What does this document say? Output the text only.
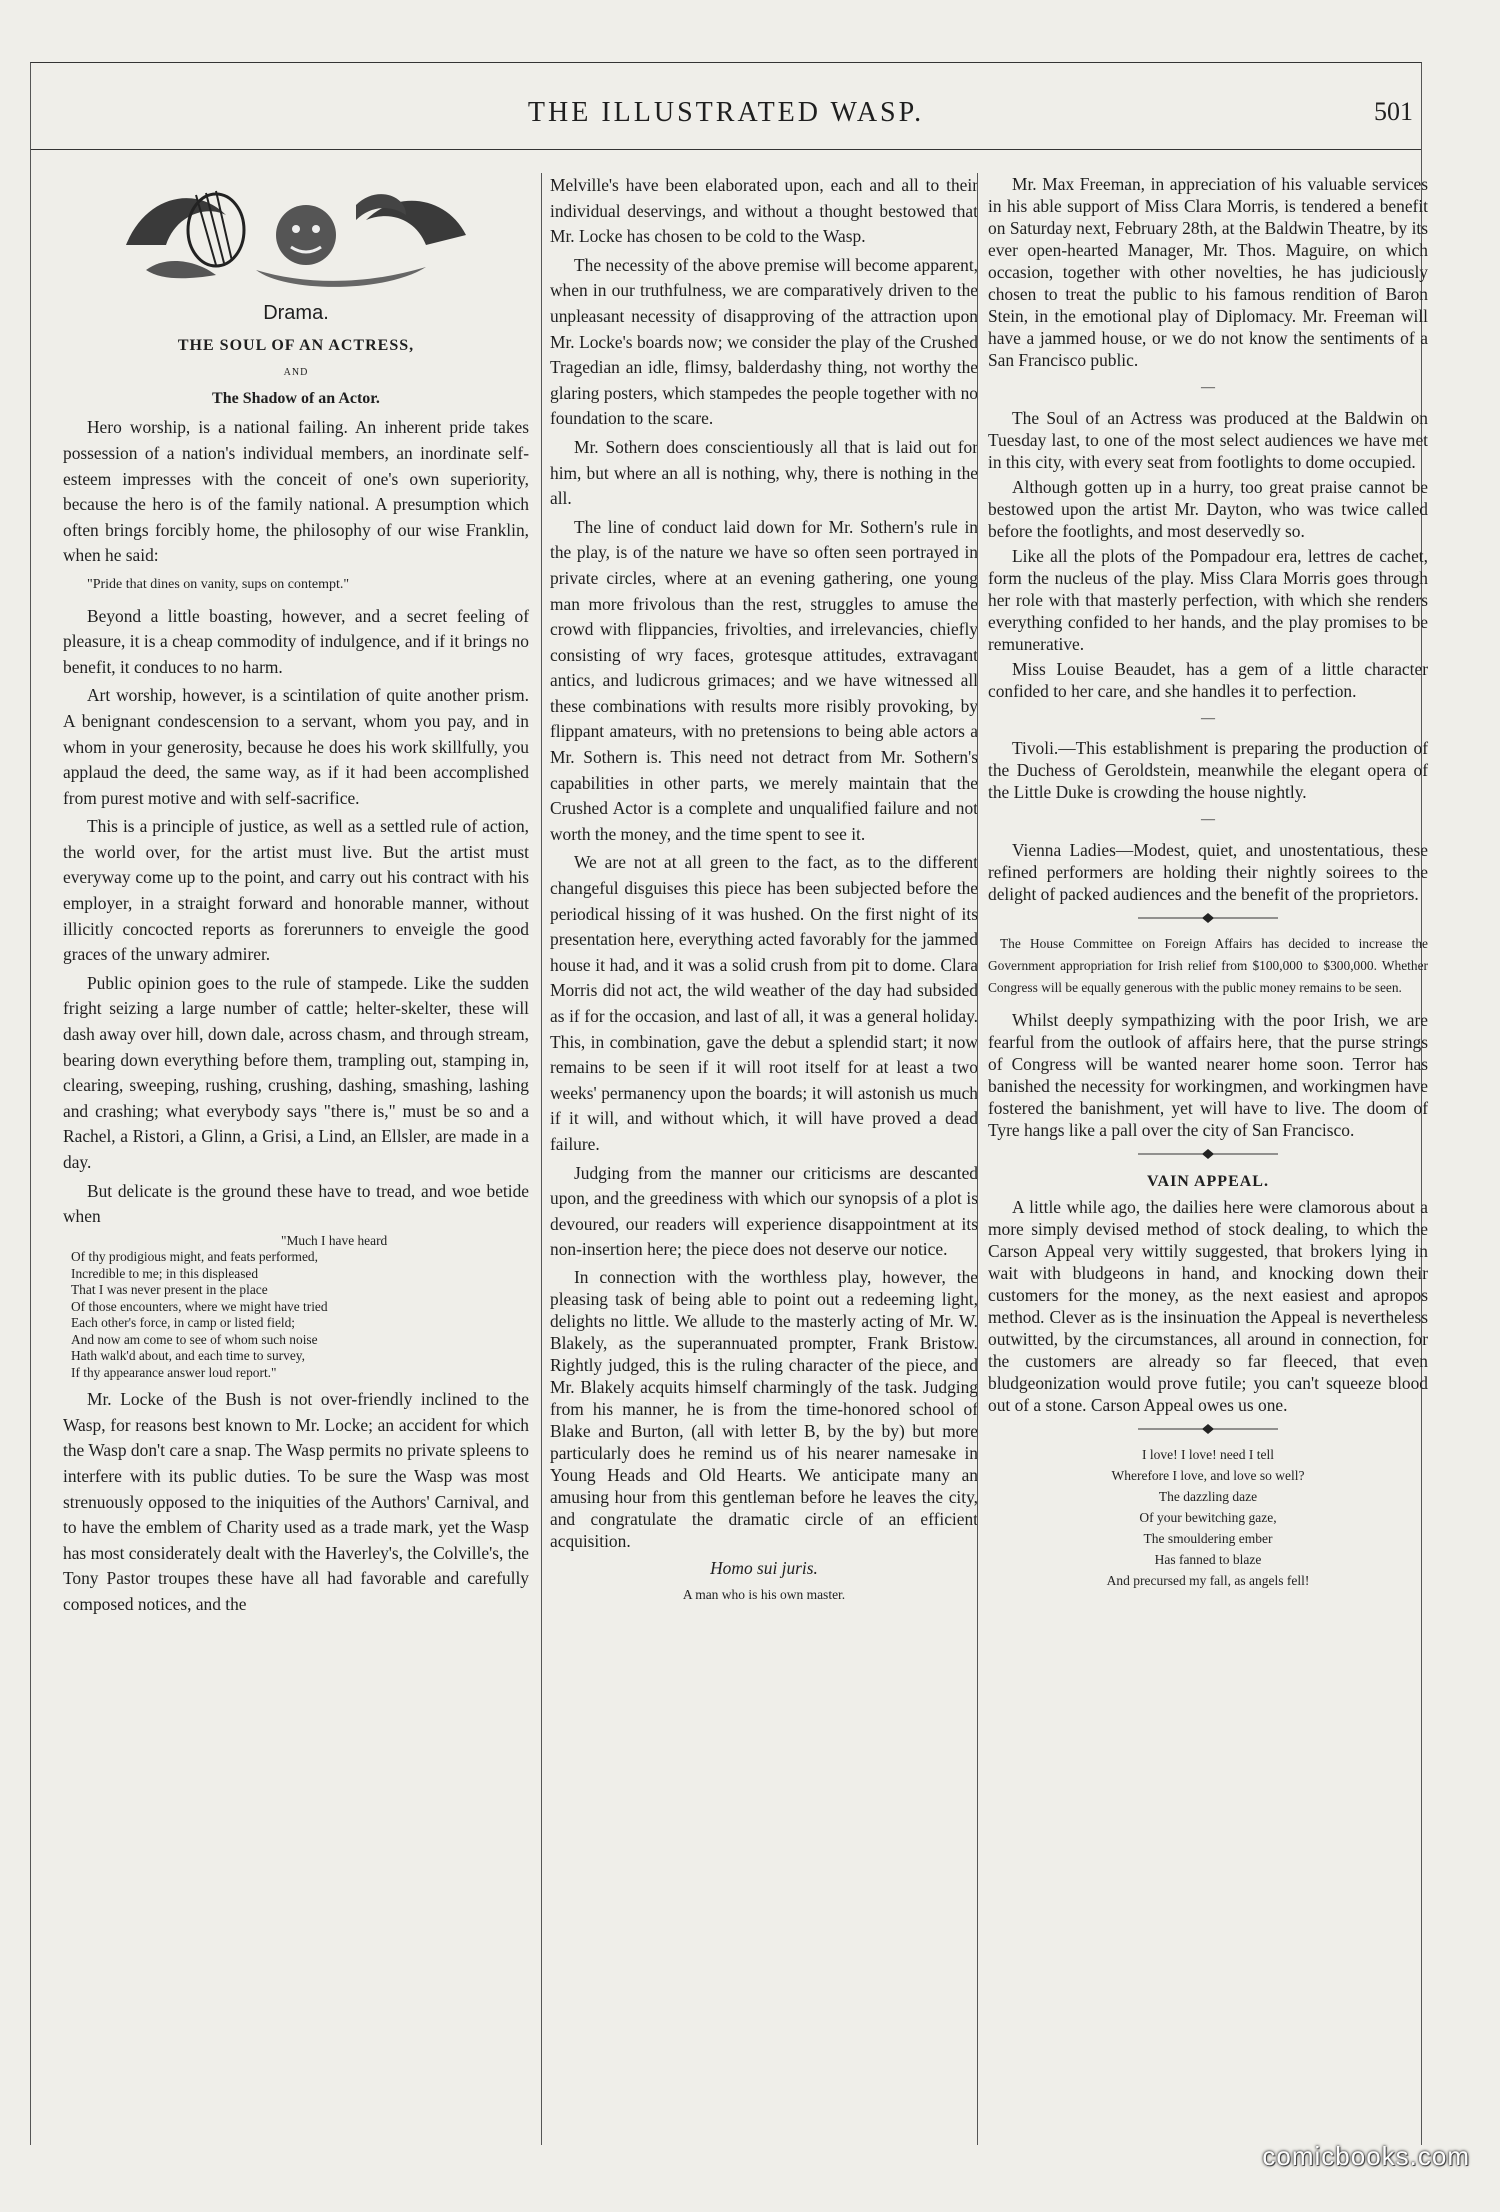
THE ILLUSTRATED WASP.	501
Drama.
THE SOUL OF AN ACTRESS,
AND
The Shadow of an Actor.

Hero worship, is a national failing. An inherent pride takes possession of a nation's individual members, an inordinate self-esteem impresses with the conceit of one's own superiority, because the hero is of the family national. A presumption which often brings forcibly home, the philosophy of our wise Franklin, when he said:

"Pride that dines on vanity, sups on contempt."

Beyond a little boasting, however, and a secret feeling of pleasure, it is a cheap commodity of indulgence, and if it brings no benefit, it conduces to no harm.

Art worship, however, is a scintilation of quite another prism. A benignant condescension to a servant, whom you pay, and in whom in your generosity, because he does his work skillfully, you applaud the deed, the same way, as if it had been accomplished from purest motive and with self-sacrifice.

This is a principle of justice, as well as a settled rule of action, the world over, for the artist must live. But the artist must everyway come up to the point, and carry out his contract with his employer, in a straight forward and honorable manner, without illicitly concocted reports as forerunners to enveigle the good graces of the unwary admirer.

Public opinion goes to the rule of stampede. Like the sudden fright seizing a large number of cattle; helter-skelter, these will dash away over hill, down dale, across chasm, and through stream, bearing down everything before them, trampling out, stamping in, clearing, sweeping, rushing, crushing, dashing, smashing, lashing and crashing; what everybody says "there is," must be so and a Rachel, a Ristori, a Glinn, a Grisi, a Lind, an Ellsler, are made in a day.

But delicate is the ground these have to tread, and woe betide when

"Much I have heard
Of thy prodigious might, and feats performed,
Incredible to me; in this displeased
That I was never present in the place
Of those encounters, where we might have tried
Each other's force, in camp or listed field;
And now am come to see of whom such noise
Hath walk'd about, and each time to survey,
If thy appearance answer loud report."

Mr. Locke of the Bush is not over-friendly inclined to the Wasp, for reasons best known to Mr. Locke; an accident for which the Wasp don't care a snap. The Wasp permits no private spleens to interfere with its public duties. To be sure the Wasp was most strenuously opposed to the iniquities of the Authors' Carnival, and to have the emblem of Charity used as a trade mark, yet the Wasp has most considerately dealt with the Haverley's, the Colville's, the Tony Pastor troupes these have all had favorable and carefully composed notices, and the

Melville's have been elaborated upon, each and all to their individual deservings, and without a thought bestowed that Mr. Locke has chosen to be cold to the Wasp.

The necessity of the above premise will become apparent, when in our truthfulness, we are comparatively driven to the unpleasant necessity of disapproving of the attraction upon Mr. Locke's boards now; we consider the play of the Crushed Tragedian an idle, flimsy, balderdashy thing, not worthy the glaring posters, which stampedes the people together with no foundation to the scare.

Mr. Sothern does conscientiously all that is laid out for him, but where an all is nothing, why, there is nothing in the all.

The line of conduct laid down for Mr. Sothern's rule in the play, is of the nature we have so often seen portrayed in private circles, where at an evening gathering, one young man more frivolous than the rest, struggles to amuse the crowd with flippancies, frivolties, and irrelevancies, chiefly consisting of wry faces, grotesque attitudes, extravagant antics, and ludicrous grimaces; and we have witnessed all these combinations with results more risibly provoking, by flippant amateurs, with no pretensions to being able actors a Mr. Sothern is. This need not detract from Mr. Sothern's capabilities in other parts, we merely maintain that the Crushed Actor is a complete and unqualified failure and not worth the money, and the time spent to see it.

We are not at all green to the fact, as to the different changeful disguises this piece has been subjected before the periodical hissing of it was hushed. On the first night of its presentation here, everything acted favorably for the jammed house it had, and it was a solid crush from pit to dome. Clara Morris did not act, the wild weather of the day had subsided as if for the occasion, and last of all, it was a general holiday. This, in combination, gave the debut a splendid start; it now remains to be seen if it will root itself for at least a two weeks' permanency upon the boards; it will astonish us much if it will, and without which, it will have proved a dead failure.

Judging from the manner our criticisms are descanted upon, and the greediness with which our synopsis of a plot is devoured, our readers will experience disappointment at its non-insertion here; the piece does not deserve our notice.

In connection with the worthless play, however, the pleasing task of being able to point out a redeeming light, delights no little. We allude to the masterly acting of Mr. W. Blakely, as the superannuated prompter, Frank Bristow. Rightly judged, this is the ruling character of the piece, and Mr. Blakely acquits himself charmingly of the task. Judging from his manner, he is from the time-honored school of Blake and Burton, (all with letter B, by the by) but more particularly does he remind us of his nearer namesake in Young Heads and Old Hearts. We anticipate many an amusing hour from this gentleman before he leaves the city, and congratulate the dramatic circle of an efficient acquisition.

Homo sui juris.

A man who is his own master.

Mr. Max Freeman, in appreciation of his valuable services in his able support of Miss Clara Morris, is tendered a benefit on Saturday next, February 28th, at the Baldwin Theatre, by its ever open-hearted Manager, Mr. Thos. Maguire, on which occasion, together with other novelties, he has judiciously chosen to treat the public to his famous rendition of Baron Stein, in the emotional play of Diplomacy. Mr. Freeman will have a jammed house, or we do not know the sentiments of a San Francisco public.

—

The Soul of an Actress was produced at the Baldwin on Tuesday last, to one of the most select audiences we have met in this city, with every seat from footlights to dome occupied.

Although gotten up in a hurry, too great praise cannot be bestowed upon the artist Mr. Dayton, who was twice called before the footlights, and most deservedly so.

Like all the plots of the Pompadour era, lettres de cachet, form the nucleus of the play. Miss Clara Morris goes through her role with that masterly perfection, with which she renders everything confided to her hands, and the play promises to be remunerative.

Miss Louise Beaudet, has a gem of a little character confided to her care, and she handles it to perfection.

—

Tivoli.—This establishment is preparing the production of the Duchess of Geroldstein, meanwhile the elegant opera of the Little Duke is crowding the house nightly.

—

Vienna Ladies—Modest, quiet, and unostentatious, these refined performers are holding their nightly soirees to the delight of packed audiences and the benefit of the proprietors.

The House Committee on Foreign Affairs has decided to increase the Government appropriation for Irish relief from $100,000 to $300,000. Whether Congress will be equally generous with the public money remains to be seen.

Whilst deeply sympathizing with the poor Irish, we are fearful from the outlook of affairs here, that the purse strings of Congress will be wanted nearer home soon. Terror has banished the necessity for workingmen, and workingmen have fostered the banishment, yet will have to live. The doom of Tyre hangs like a pall over the city of San Francisco.

VAIN APPEAL.

A little while ago, the dailies here were clamorous about a more simply devised method of stock dealing, to which the Carson Appeal very wittily suggested, that brokers lying in wait with bludgeons in hand, and knocking down their customers for the money, as the next easiest and apropos method. Clever as is the insinuation the Appeal is nevertheless outwitted, by the circumstances, all around in connection, for the customers are already so far fleeced, that even bludgeonization would prove futile; you can't squeeze blood out of a stone. Carson Appeal owes us one.

I love! I love! need I tell
Wherefore I love, and love so well?
The dazzling daze
Of your bewitching gaze,
The smouldering ember
Has fanned to blaze
And precursed my fall, as angels fell!
comicbooks.com
